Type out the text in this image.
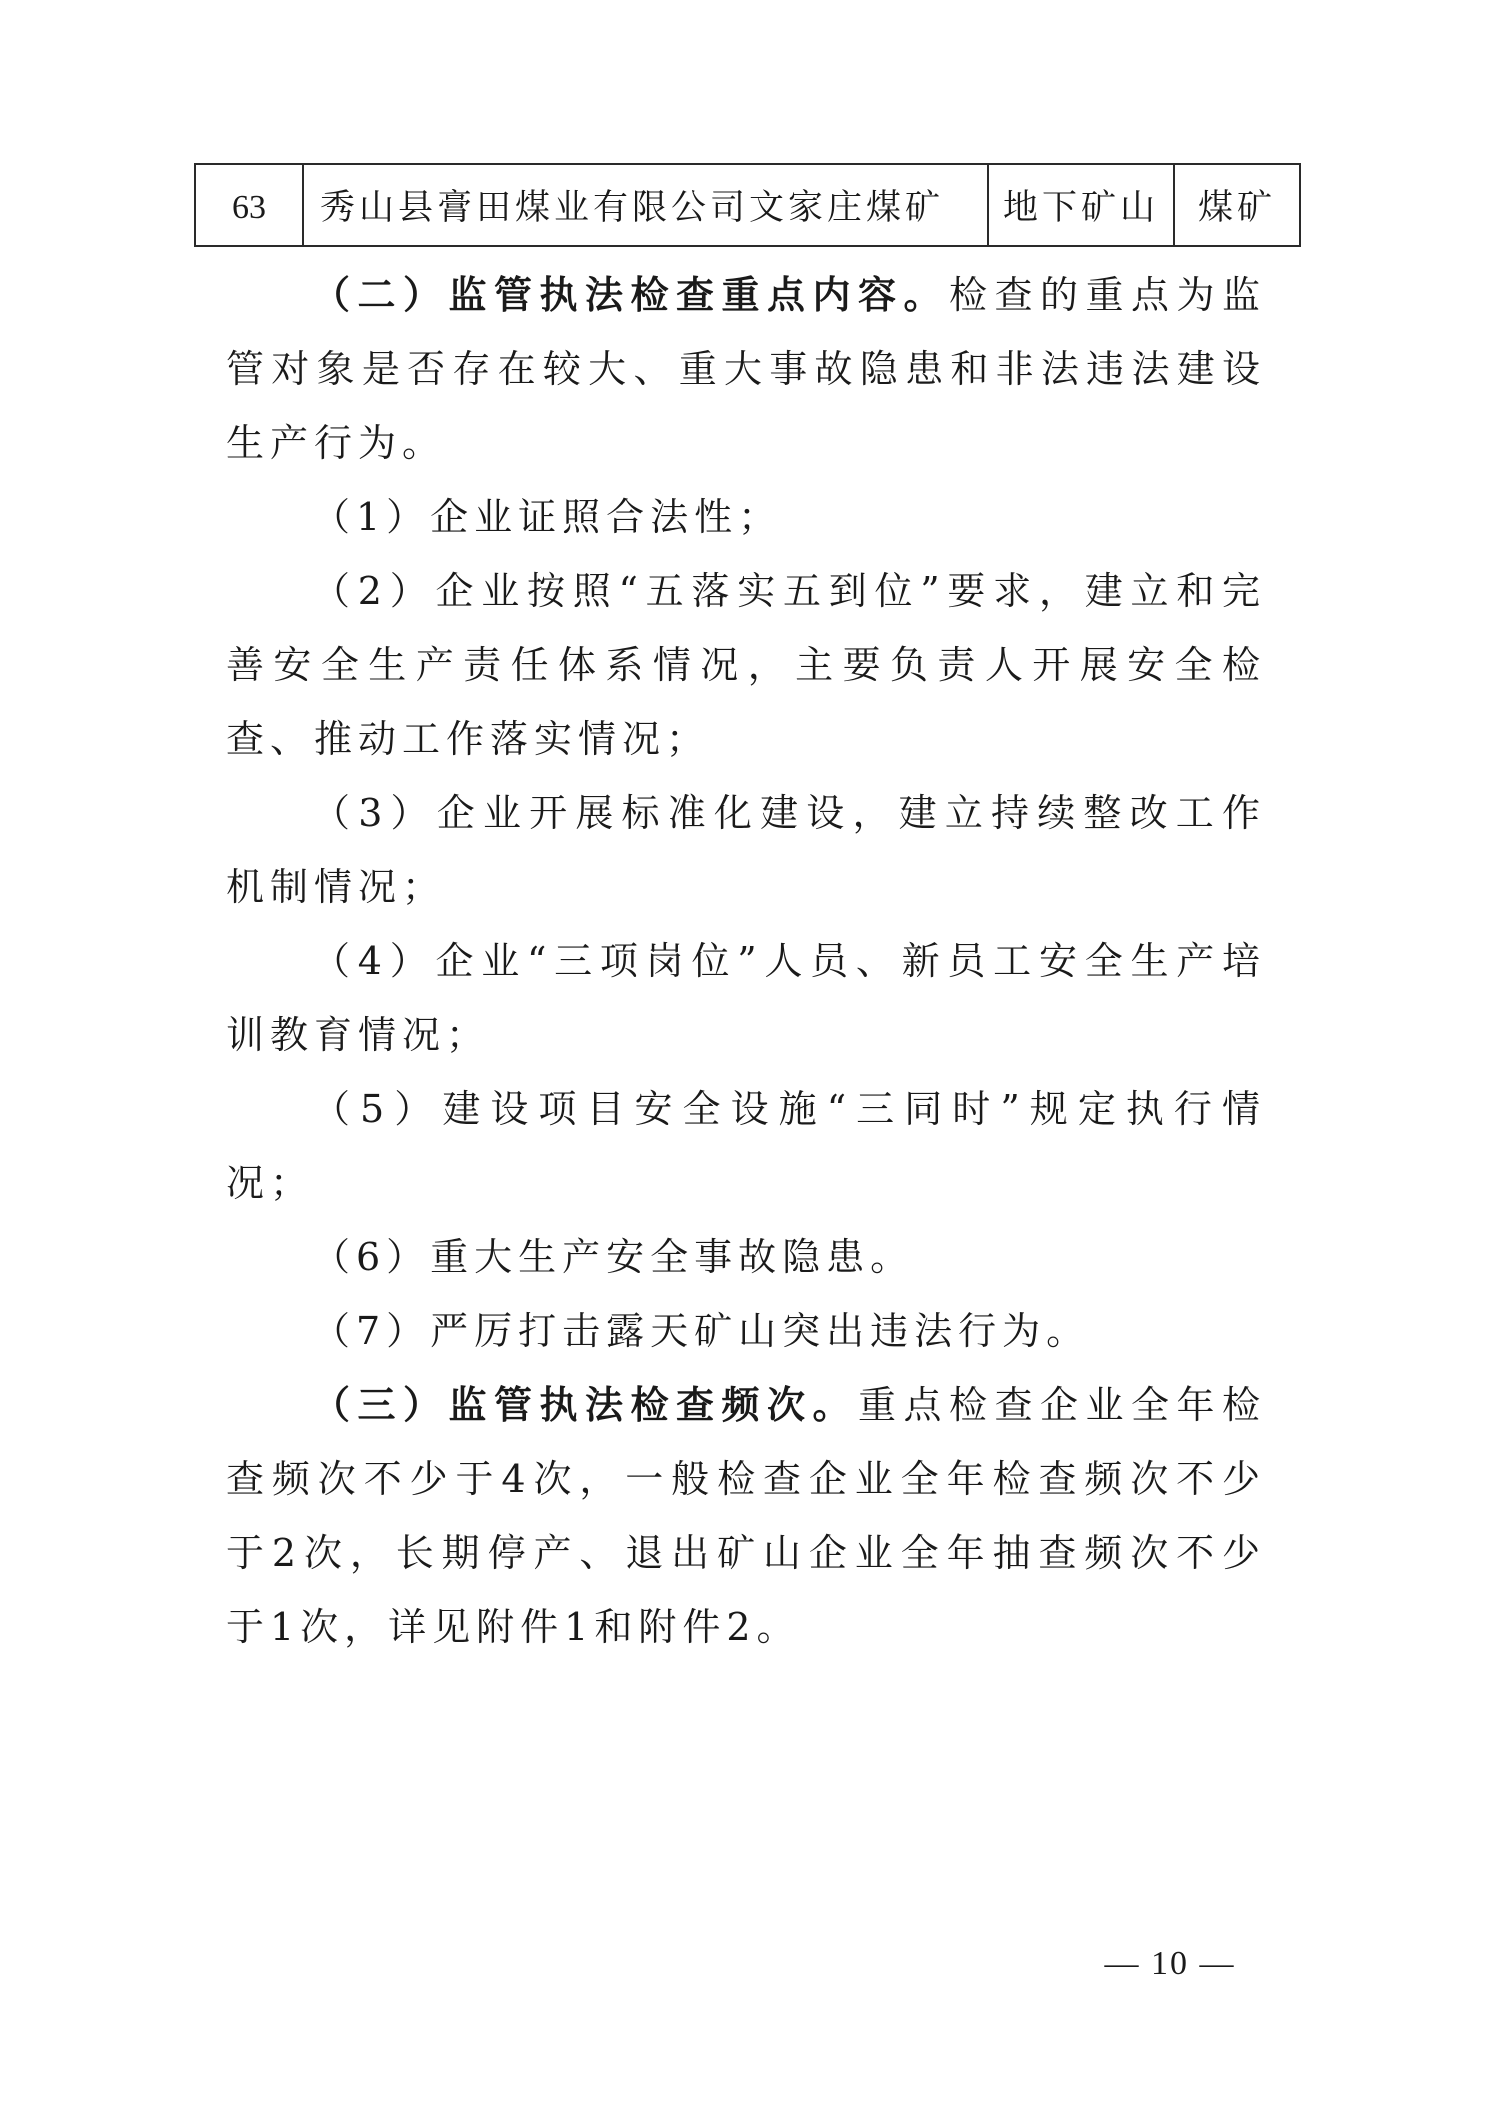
63	秀山县膏田煤业有限公司文家庄煤矿	地下矿山	煤矿

（二）监管执法检查重点内容。检查的重点为监管对象是否存在较大、重大事故隐患和非法违法建设生产行为。

（1）企业证照合法性；

（2）企业按照“五落实五到位”要求，建立和完善安全生产责任体系情况，主要负责人开展安全检查、推动工作落实情况；

（3）企业开展标准化建设，建立持续整改工作机制情况；

（4）企业“三项岗位”人员、新员工安全生产培训教育情况；

（5）建设项目安全设施“三同时”规定执行情况；

（6）重大生产安全事故隐患。

（7）严厉打击露天矿山突出违法行为。

（三）监管执法检查频次。重点检查企业全年检查频次不少于4次，一般检查企业全年检查频次不少于2次，长期停产、退出矿山企业全年抽查频次不少于1次，详见附件1和附件2。

— 10 —
